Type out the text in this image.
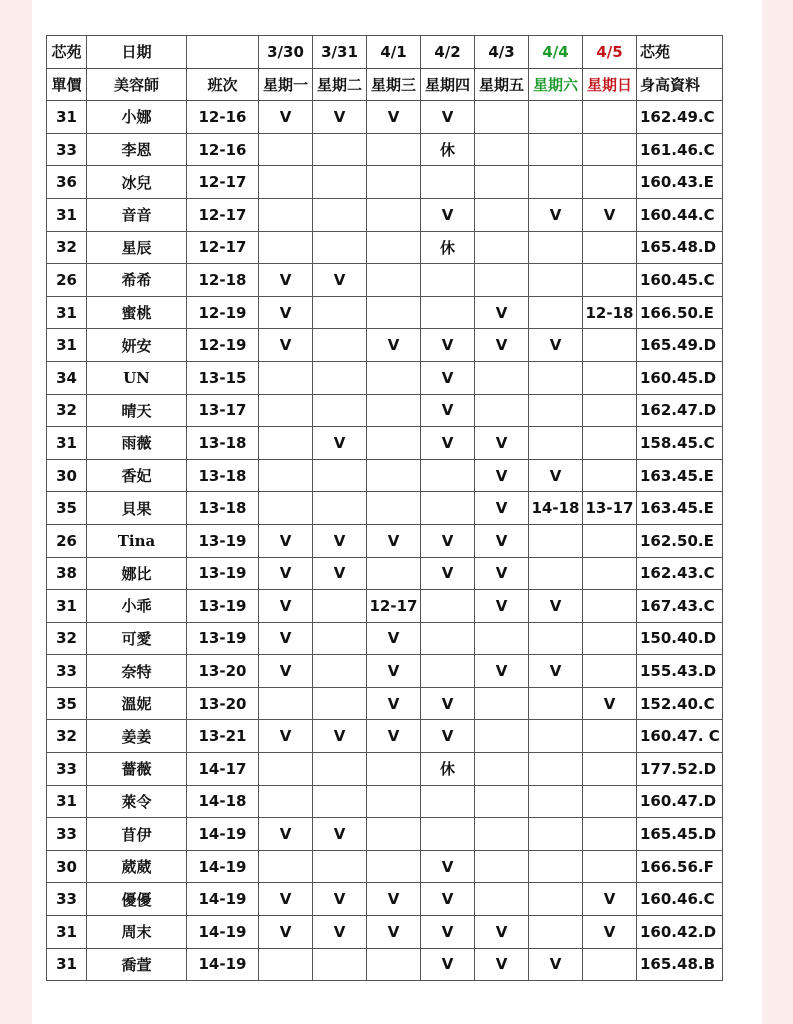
芯苑	日期		3/30	3/31	4/1	4/2	4/3	4/4	4/5	芯苑
單價	美容師	班次	星期一	星期二	星期三	星期四	星期五	星期六	星期日	身高資料
31	小娜	12-16	V	V	V	V				162.49.C
33	李恩	12-16				休				161.46.C
36	冰兒	12-17								160.43.E
31	音音	12-17				V		V	V	160.44.C
32	星辰	12-17				休				165.48.D
26	希希	12-18	V	V						160.45.C
31	蜜桃	12-19	V				V		12-18	166.50.E
31	妍安	12-19	V		V	V	V	V		165.49.D
34	UN	13-15				V				160.45.D
32	晴天	13-17				V				162.47.D
31	雨薇	13-18		V		V	V			158.45.C
30	香妃	13-18					V	V		163.45.E
35	貝果	13-18					V	14-18	13-17	163.45.E
26	Tina	13-19	V	V	V	V	V			162.50.E
38	娜比	13-19	V	V		V	V			162.43.C
31	小乖	13-19	V		12-17		V	V		167.43.C
32	可愛	13-19	V		V					150.40.D
33	奈特	13-20	V		V		V	V		155.43.D
35	溫妮	13-20			V	V			V	152.40.C
32	姜姜	13-21	V	V	V	V				160.47. C
33	薔薇	14-17				休				177.52.D
31	萊令	14-18								160.47.D
33	苜伊	14-19	V	V						165.45.D
30	葳葳	14-19				V				166.56.F
33	優優	14-19	V	V	V	V			V	160.46.C
31	周末	14-19	V	V	V	V	V		V	160.42.D
31	喬萱	14-19				V	V	V		165.48.B
